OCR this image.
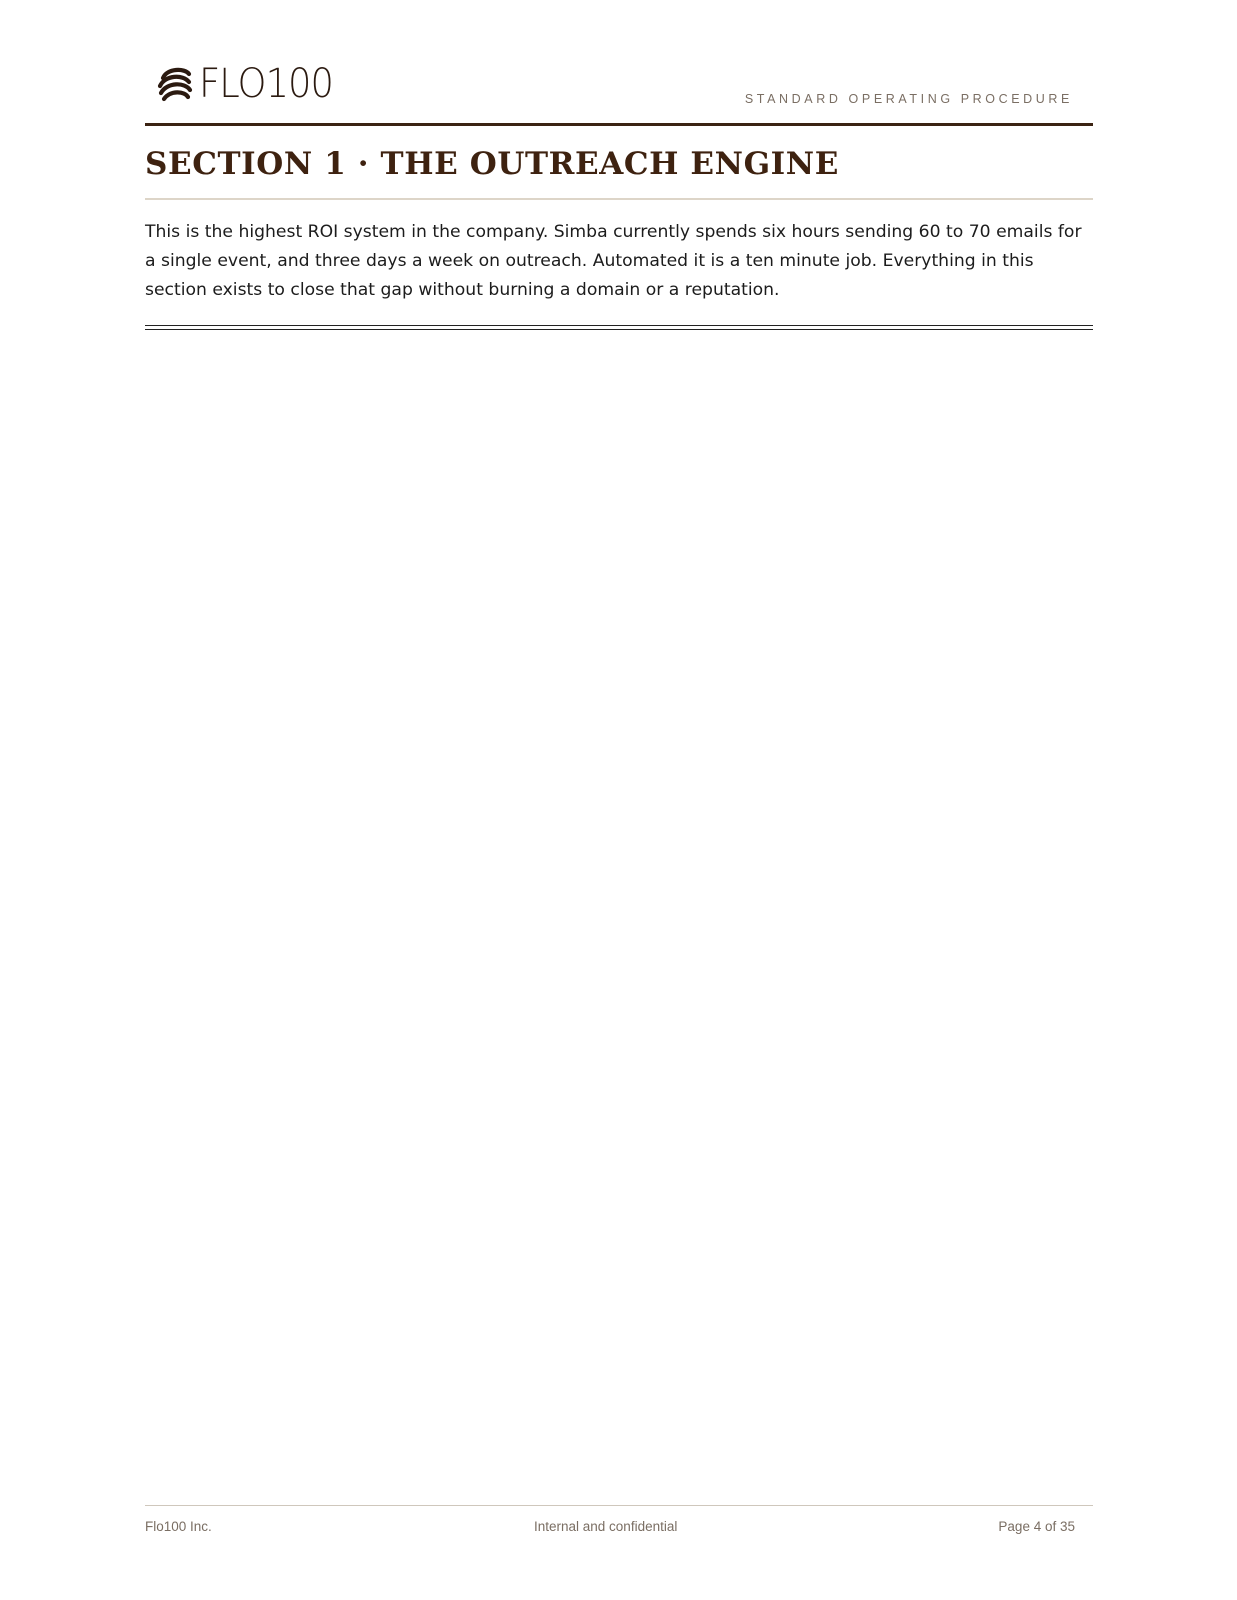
FLO100	STANDARD OPERATING PROCEDURE
SECTION 1 · THE OUTREACH ENGINE

This is the highest ROI system in the company. Simba currently spends six hours sending 60 to 70 emails for a single event, and three days a week on outreach. Automated it is a ten minute job. Everything in this section exists to close that gap without burning a domain or a reputation.

Flo100 Inc.	Internal and confidential	Page 4 of 35
